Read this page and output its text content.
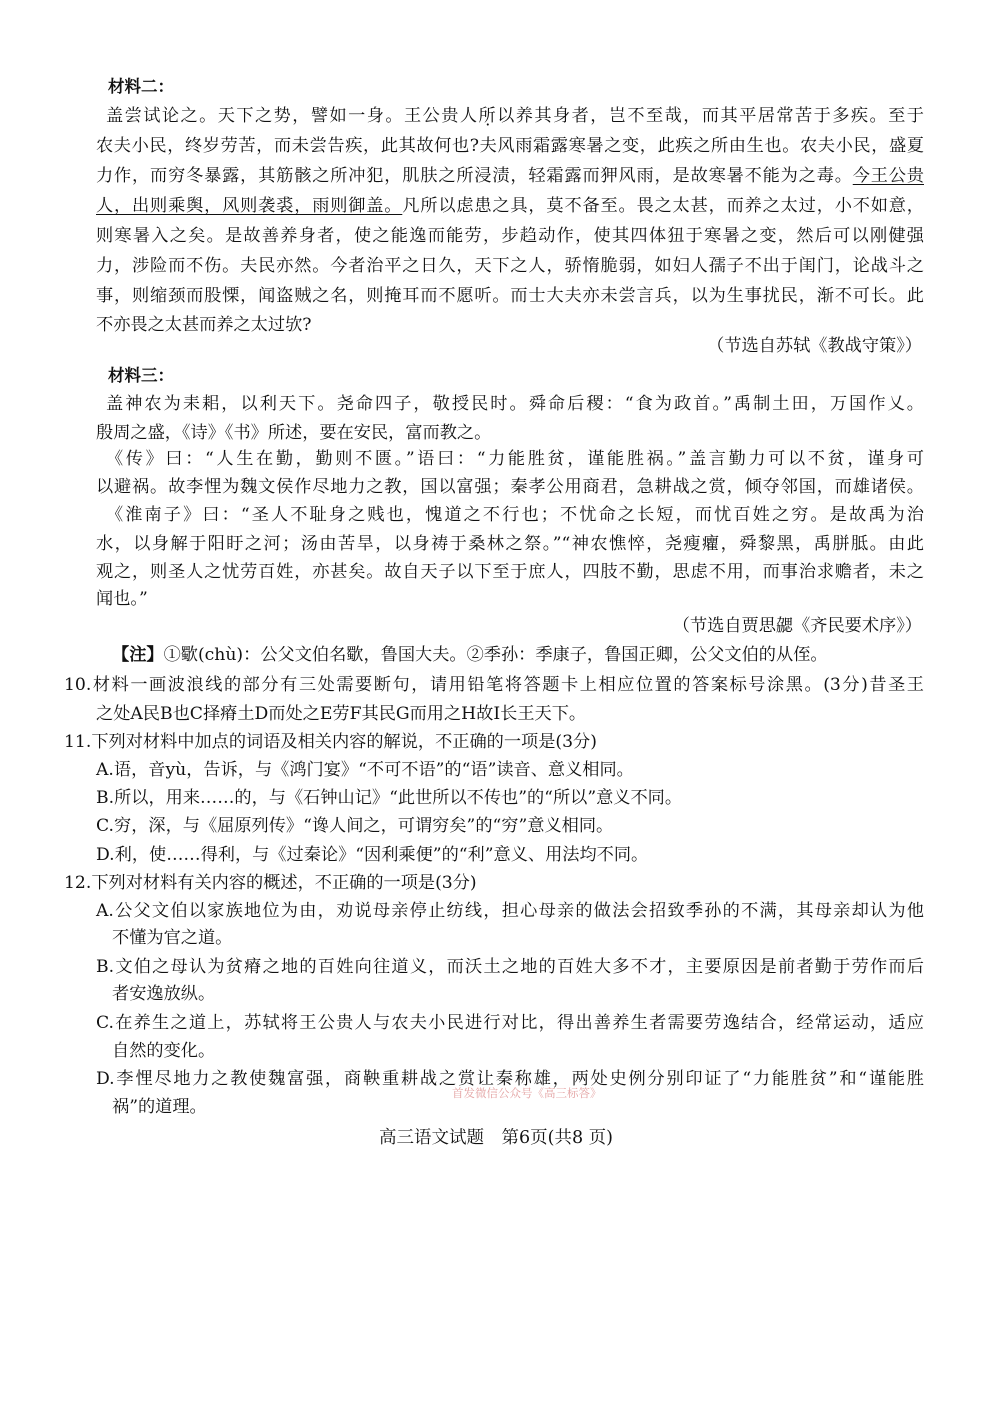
材料二：
盖尝试论之。天下之势，譬如一身。王公贵人所以养其身者，岂不至哉，而其平居常苦于多疾。至于
农夫小民，终岁劳苦，而未尝告疾，此其故何也?夫风雨霜露寒暑之变，此疾之所由生也。农夫小民，盛夏
力作，而穷冬暴露，其筋骸之所冲犯，肌肤之所浸渍，轻霜露而狎风雨，是故寒暑不能为之毒。今王公贵
人，出则乘舆，风则袭裘，雨则御盖。凡所以虑患之具，莫不备至。畏之太甚，而养之太过，小不如意，
则寒暑入之矣。是故善养身者，使之能逸而能劳，步趋动作，使其四体狃于寒暑之变，然后可以刚健强
力，涉险而不伤。夫民亦然。今者治平之日久，天下之人，骄惰脆弱，如妇人孺子不出于闺门，论战斗之
事，则缩颈而股慄，闻盗贼之名，则掩耳而不愿听。而士大夫亦未尝言兵，以为生事扰民，渐不可长。此
不亦畏之太甚而养之太过欤?
（节选自苏轼《教战守策》）
材料三：
盖神农为耒耜，以利天下。尧命四子，敬授民时。舜命后稷：“食为政首。”禹制土田，万国作乂。
殷周之盛，《诗》《书》所述，要在安民，富而教之。
《传》曰：“人生在勤，勤则不匮。”语曰：“力能胜贫，谨能胜祸。”盖言勤力可以不贫，谨身可
以避祸。故李悝为魏文侯作尽地力之教，国以富强；秦孝公用商君，急耕战之赏，倾夺邻国，而雄诸侯。
《淮南子》曰：“圣人不耻身之贱也，愧道之不行也；不忧命之长短，而忧百姓之穷。是故禹为治
水，以身解于阳盱之河；汤由苦旱，以身祷于桑林之祭。”“神农憔悴，尧瘦癯，舜黎黑，禹胼胝。由此
观之，则圣人之忧劳百姓，亦甚矣。故自天子以下至于庶人，四肢不勤，思虑不用，而事治求赡者，未之
闻也。”
（节选自贾思勰《齐民要术序》）
【注】①歜(chù)：公父文伯名歜，鲁国大夫。②季孙：季康子，鲁国正卿，公父文伯的从侄。
10.材料一画波浪线的部分有三处需要断句，请用铅笔将答题卡上相应位置的答案标号涂黑。(3分)昔圣王
之处A民B也C择瘠土D而处之E劳F其民G而用之H故I长王天下。
11.下列对材料中加点的词语及相关内容的解说，不正确的一项是(3分)
A.语，音yù，告诉，与《鸿门宴》“不可不语”的“语”读音、意义相同。
B.所以，用来……的，与《石钟山记》“此世所以不传也”的“所以”意义不同。
C.穷，深，与《屈原列传》“谗人间之，可谓穷矣”的“穷”意义相同。
D.利，使……得利，与《过秦论》“因利乘便”的“利”意义、用法均不同。
12.下列对材料有关内容的概述，不正确的一项是(3分)
A.公父文伯以家族地位为由，劝说母亲停止纺线，担心母亲的做法会招致季孙的不满，其母亲却认为他
不懂为官之道。
B.文伯之母认为贫瘠之地的百姓向往道义，而沃土之地的百姓大多不才，主要原因是前者勤于劳作而后
者安逸放纵。
C.在养生之道上，苏轼将王公贵人与农夫小民进行对比，得出善养生者需要劳逸结合，经常运动，适应
自然的变化。
D.李悝尽地力之教使魏富强，商鞅重耕战之赏让秦称雄，两处史例分别印证了“力能胜贫”和“谨能胜
祸”的道理。
首发微信公众号《高三标答》
高三语文试题　第6页(共8 页)
